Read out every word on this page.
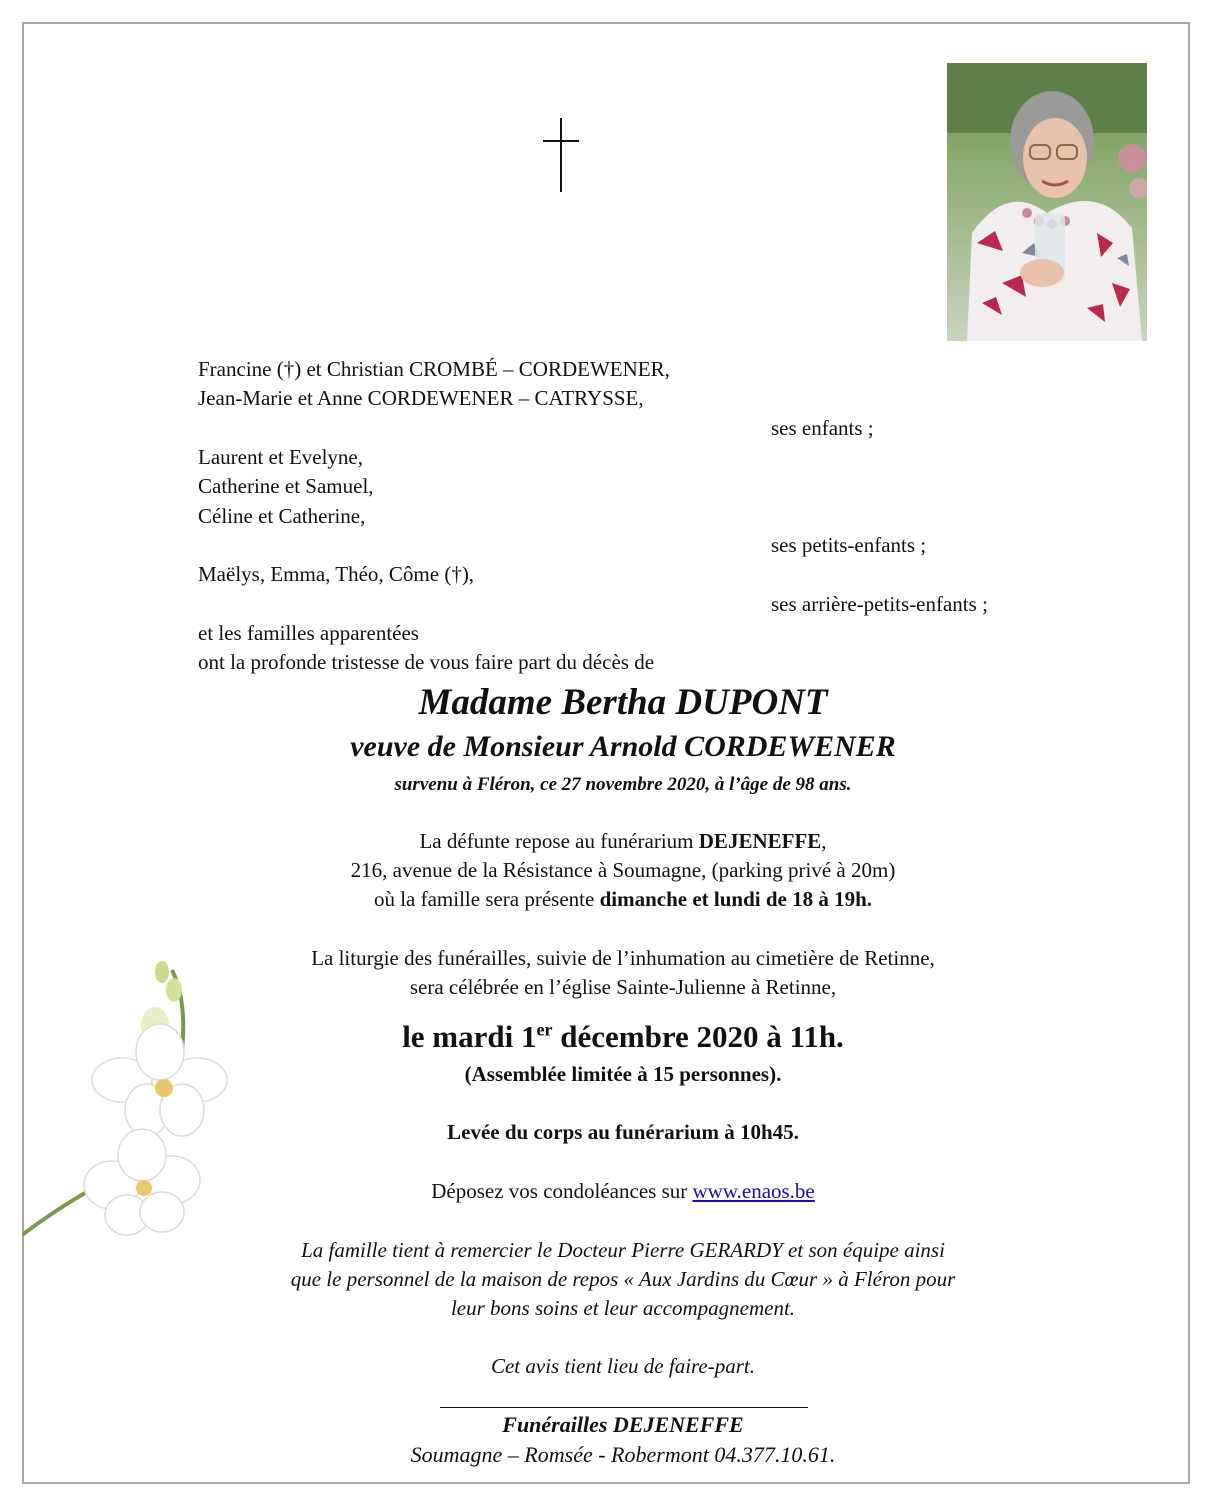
Francine (†) et Christian CROMBÉ – CORDEWENER,
Jean-Marie et Anne CORDEWENER – CATRYSSE,
ses enfants ;
Laurent et Evelyne,
Catherine et Samuel,
Céline et Catherine,
ses petits-enfants ;
Maëlys, Emma, Théo, Côme (†),
ses arrière-petits-enfants ;
et les familles apparentées
ont la profonde tristesse de vous faire part du décès de
Madame Bertha DUPONT
veuve de Monsieur Arnold CORDEWENER
survenu à Fléron, ce 27 novembre 2020, à l’âge de 98 ans.
La défunte repose au funérarium DEJENEFFE,
216, avenue de la Résistance à Soumagne, (parking privé à 20m)
où la famille sera présente dimanche et lundi de 18 à 19h.
La liturgie des funérailles, suivie de l’inhumation au cimetière de Retinne,
sera célébrée en l’église Sainte-Julienne à Retinne,
le mardi 1er décembre 2020 à 11h.
(Assemblée limitée à 15 personnes).
Levée du corps au funérarium à 10h45.
Déposez vos condoléances sur www.enaos.be
La famille tient à remercier le Docteur Pierre GERARDY et son équipe ainsi
que le personnel de la maison de repos « Aux Jardins du Cœur » à Fléron pour
leur bons soins et leur accompagnement.
Cet avis tient lieu de faire-part.
Funérailles DEJENEFFE
Soumagne – Romsée - Robermont 04.377.10.61.
